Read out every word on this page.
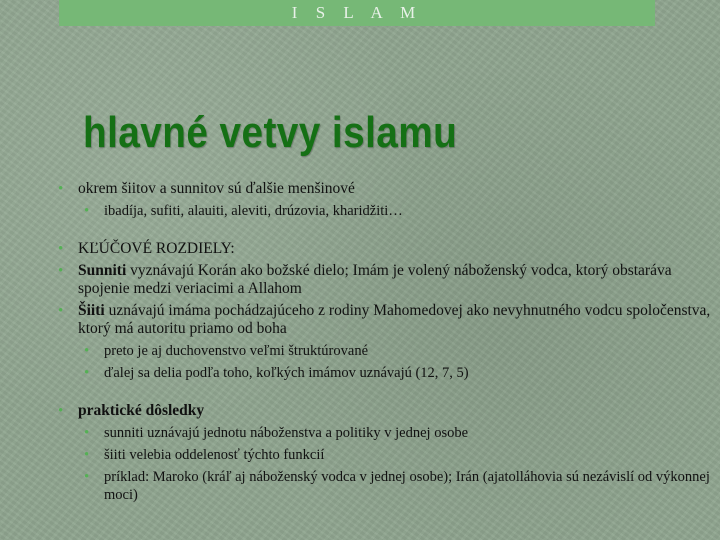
I S L A M
hlavné vetvy islamu
• okrem šiitov a sunnitov sú ďalšie menšinové
• ibadíja, sufiti, alauiti, aleviti, drúzovia, kharidžiti…
• KĽÚČOVÉ ROZDIELY:
• Sunniti vyznávajú Korán ako božské dielo; Imám je volený náboženský vodca, ktorý obstaráva spojenie medzi veriacimi a Allahom
• Šiiti uznávajú imáma pochádzajúceho z rodiny Mahomedovej ako nevyhnutného vodcu spoločenstva, ktorý má autoritu priamo od boha
• preto je aj duchovenstvo veľmi štruktúrované
• ďalej sa delia podľa toho, koľkých imámov uznávajú (12, 7, 5)
• praktické dôsledky
• sunniti uznávajú jednotu náboženstva a politiky v jednej osobe
• šiiti velebia oddelenosť týchto funkcií
• príklad: Maroko (kráľ aj náboženský vodca v jednej osobe); Irán (ajatolláhovia sú nezávislí od výkonnej moci)
